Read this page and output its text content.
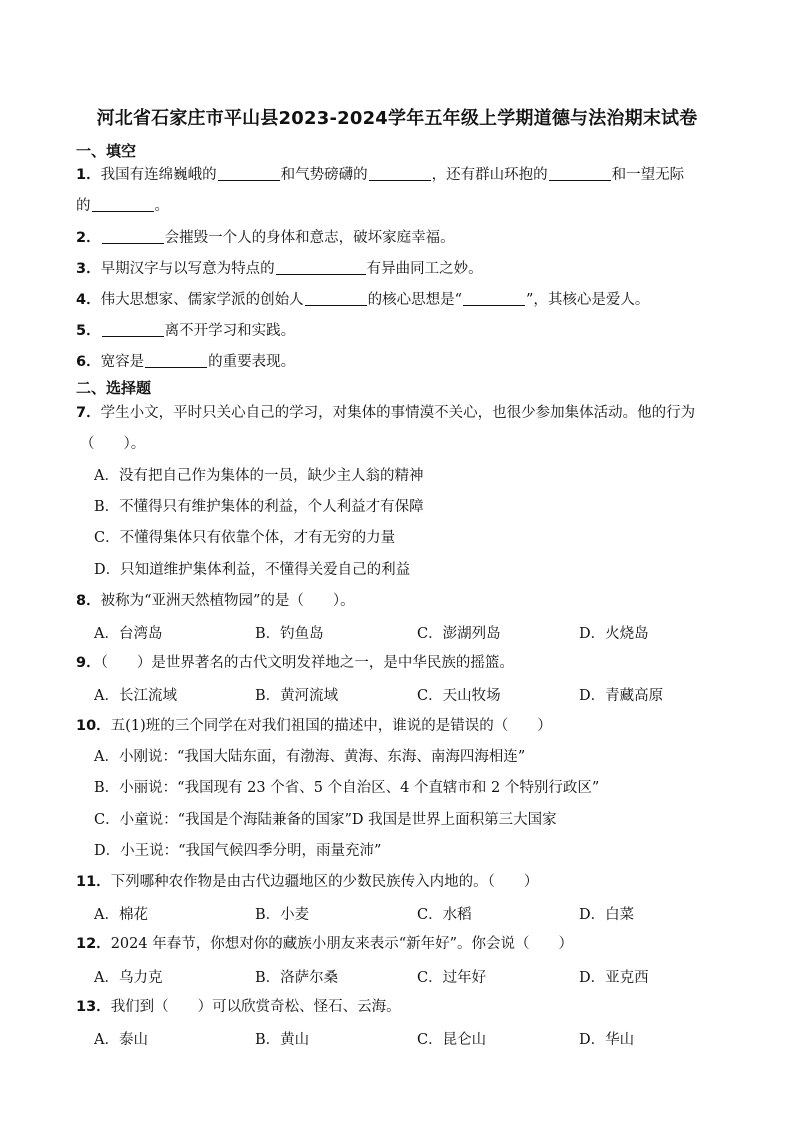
河北省石家庄市平山县2023-2024学年五年级上学期道德与法治期末试卷
一、填空
1．我国有连绵巍峨的	和气势磅礴的	，还有群山环抱的	和一望无际
的	。
2．	会摧毁一个人的身体和意志，破坏家庭幸福。
3．早期汉字与以写意为特点的	有异曲同工之妙。
4．伟大思想家、儒家学派的创始人	的核心思想是“	”，其核心是爱人。
5．	离不开学习和实践。
6．宽容是	的重要表现。
二、选择题
7．学生小文，平时只关心自己的学习，对集体的事情漠不关心，也很少参加集体活动。他的行为
（　　）。
A．没有把自己作为集体的一员，缺少主人翁的精神
B．不懂得只有维护集体的利益，个人利益才有保障
C．不懂得集体只有依靠个体，才有无穷的力量
D．只知道维护集体利益，不懂得关爱自己的利益
8．被称为“亚洲天然植物园”的是（　　）。
A．台湾岛	B．钓鱼岛	C．澎湖列岛	D．火烧岛
9．（　　）是世界著名的古代文明发祥地之一，是中华民族的摇篮。
A．长江流域	B．黄河流域	C．天山牧场	D．青藏高原
10．五(1)班的三个同学在对我们祖国的描述中，谁说的是错误的（　　）
A．小刚说：“我国大陆东面，有渤海、黄海、东海、南海四海相连”
B．小丽说：“我国现有 23 个省、5 个自治区、4 个直辖市和 2 个特别行政区”
C．小童说：“我国是个海陆兼备的国家”D 我国是世界上面积第三大国家
D．小王说：“我国气候四季分明，雨量充沛”
11．下列哪种农作物是由古代边疆地区的少数民族传入内地的。（　　）
A．棉花	B．小麦	C．水稻	D．白菜
12．2024 年春节，你想对你的藏族小朋友来表示“新年好”。你会说（　　）
A．乌力克	B．洛萨尔桑	C．过年好	D．亚克西
13．我们到（　　）可以欣赏奇松、怪石、云海。
A．泰山	B．黄山	C．昆仑山	D．华山
